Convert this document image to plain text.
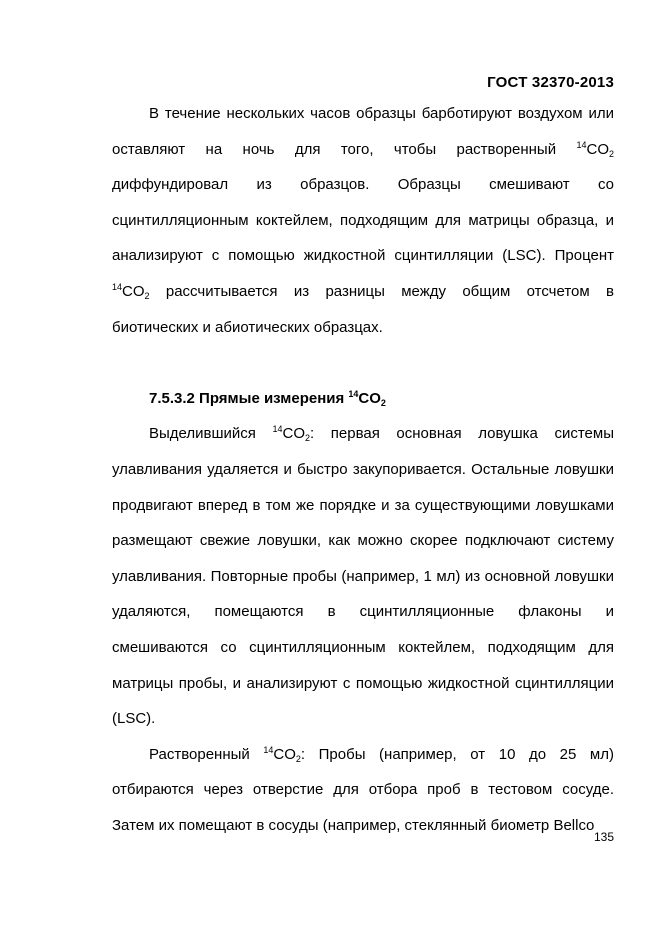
ГОСТ 32370-2013

В течение нескольких часов образцы барботируют воздухом или оставляют на ночь для того, чтобы растворенный $^{14}CO_2$ диффундировал из образцов. Образцы смешивают со сцинтилляционным коктейлем, подходящим для матрицы образца, и анализируют с помощью жидкостной сцинтилляции (LSC). Процент $^{14}CO_2$ рассчитывается из разницы между общим отсчетом в биотических и абиотических образцах.

7.5.3.2 Прямые измерения $^{14}CO_2$

Выделившийся $^{14}CO_2$: первая основная ловушка системы улавливания удаляется и быстро закупоривается. Остальные ловушки продвигают вперед в том же порядке и за существующими ловушками размещают свежие ловушки, как можно скорее подключают систему улавливания. Повторные пробы (например, 1 мл) из основной ловушки удаляются, помещаются в сцинтилляционные флаконы и смешиваются со сцинтилляционным коктейлем, подходящим для матрицы пробы, и анализируют с помощью жидкостной сцинтилляции (LSC).

Растворенный $^{14}CO_2$: Пробы (например, от 10 до 25 мл) отбираются через отверстие для отбора проб в тестовом сосуде. Затем их помещают в сосуды (например, стеклянный биометр Bellco

135
